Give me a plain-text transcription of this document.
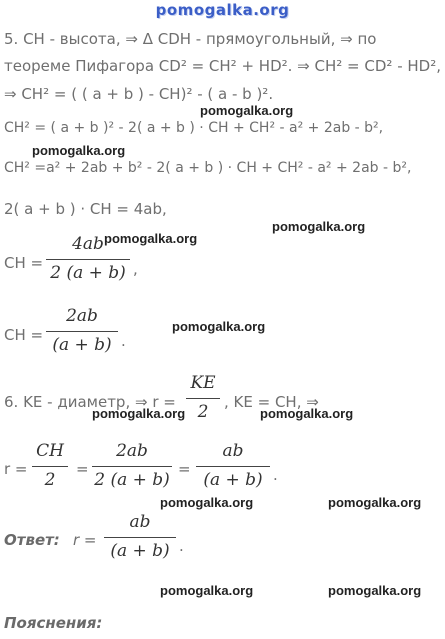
pomogalka.org
5. CH - высота, ⇒ Δ CDH - прямоугольный, ⇒ по
теореме Пифагора CD² = CH² + HD². ⇒ CH² = CD² - HD²,
⇒ CH² = ( ( a + b ) - CH)² - ( a - b )².
pomogalka.org
CH² = ( a + b )² - 2( a + b ) · CH + CH² - a² + 2ab - b²,
pomogalka.org
CH² =a² + 2ab + b² - 2( a + b ) · CH + CH² - a² + 2ab - b²,
2( a + b ) · CH = 4ab,
pomogalka.org
CH =
4ab
2 (a + b) ,
pomogalka.org
CH =
2ab
(a + b) .
pomogalka.org
6. KE - диаметр, ⇒ r =
KE
2	, KE = CH, ⇒
pomogalka.org	pomogalka.org
r =
CH
2
=
2ab
2 (a + b)
=
ab
(a + b) .
pomogalka.org	pomogalka.org
Ответ: r =
ab
(a + b) .
pomogalka.org	pomogalka.org
Пояснения:
